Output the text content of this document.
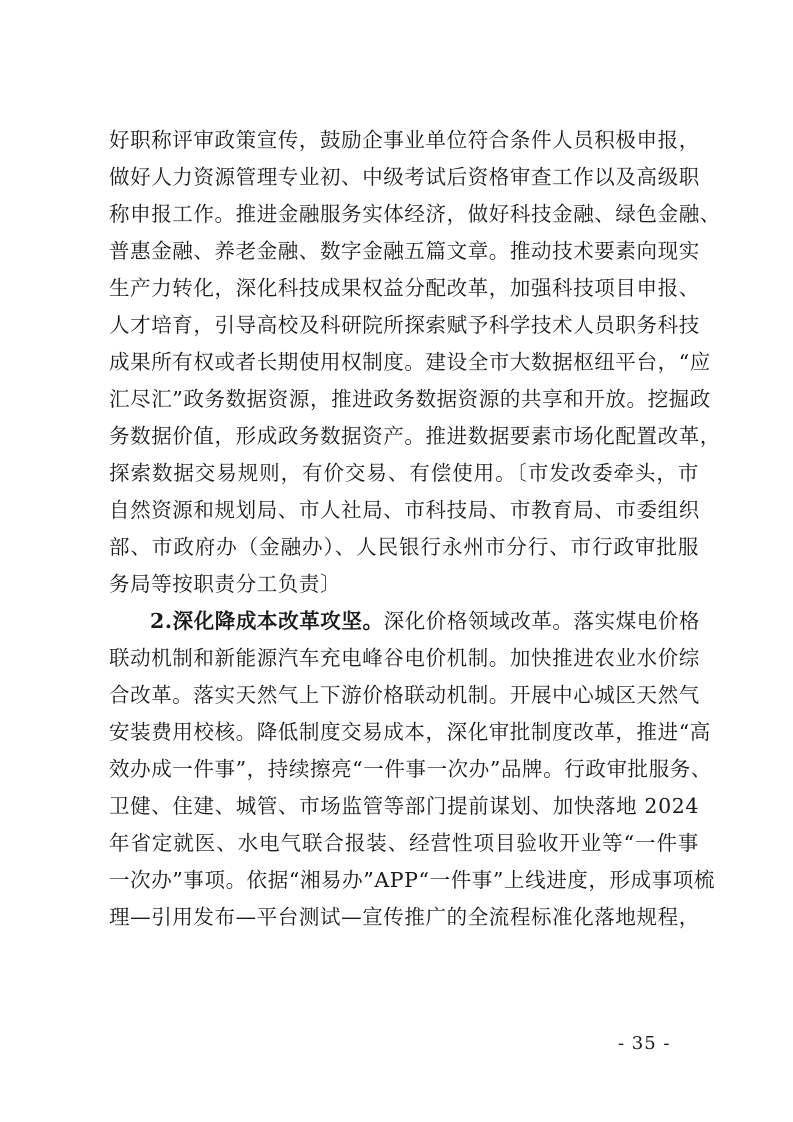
好职称评审政策宣传，鼓励企事业单位符合条件人员积极申报，
做好人力资源管理专业初、中级考试后资格审查工作以及高级职
称申报工作。推进金融服务实体经济，做好科技金融、绿色金融、
普惠金融、养老金融、数字金融五篇文章。推动技术要素向现实
生产力转化，深化科技成果权益分配改革，加强科技项目申报、
人才培育，引导高校及科研院所探索赋予科学技术人员职务科技
成果所有权或者长期使用权制度。建设全市大数据枢纽平台，“应
汇尽汇”政务数据资源，推进政务数据资源的共享和开放。挖掘政
务数据价值，形成政务数据资产。推进数据要素市场化配置改革，
探索数据交易规则，有价交易、有偿使用。〔市发改委牵头，市
自然资源和规划局、市人社局、市科技局、市教育局、市委组织
部、市政府办（金融办）、人民银行永州市分行、市行政审批服
务局等按职责分工负责〕
2.深化降成本改革攻坚。深化价格领域改革。落实煤电价格
联动机制和新能源汽车充电峰谷电价机制。加快推进农业水价综
合改革。落实天然气上下游价格联动机制。开展中心城区天然气
安装费用校核。降低制度交易成本，深化审批制度改革，推进“高
效办成一件事”，持续擦亮“一件事一次办”品牌。行政审批服务、
卫健、住建、城管、市场监管等部门提前谋划、加快落地 2024
年省定就医、水电气联合报装、经营性项目验收开业等“一件事
一次办”事项。依据“湘易办”APP“一件事”上线进度，形成事项梳
理—引用发布—平台测试—宣传推广的全流程标准化落地规程，
- 35 -
